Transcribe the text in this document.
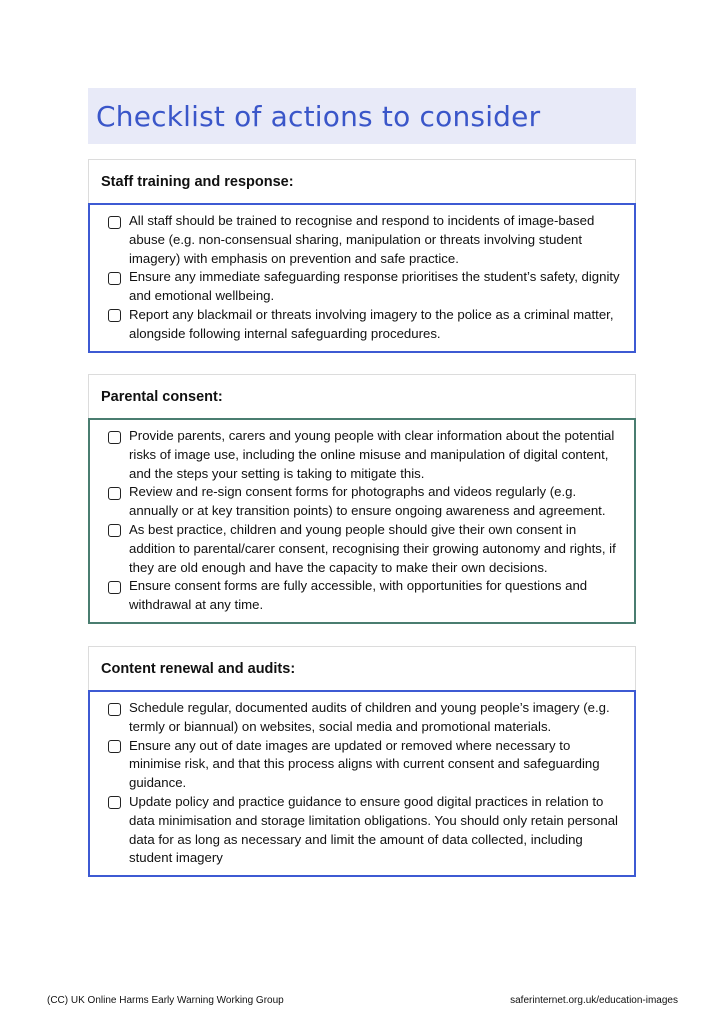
Checklist of actions to consider
Staff training and response:
All staff should be trained to recognise and respond to incidents of image-based abuse (e.g. non-consensual sharing, manipulation or threats involving student imagery) with emphasis on prevention and safe practice.
Ensure any immediate safeguarding response prioritises the student’s safety, dignity and emotional wellbeing.
Report any blackmail or threats involving imagery to the police as a criminal matter, alongside following internal safeguarding procedures.
Parental consent:
Provide parents, carers and young people with clear information about the potential risks of image use, including the online misuse and manipulation of digital content, and the steps your setting is taking to mitigate this.
Review and re-sign consent forms for photographs and videos regularly (e.g. annually or at key transition points) to ensure ongoing awareness and agreement.
As best practice, children and young people should give their own consent in addition to parental/carer consent, recognising their growing autonomy and rights, if they are old enough and have the capacity to make their own decisions.
Ensure consent forms are fully accessible, with opportunities for questions and withdrawal at any time.
Content renewal and audits:
Schedule regular, documented audits of children and young people’s imagery (e.g. termly or biannual) on websites, social media and promotional materials.
Ensure any out of date images are updated or removed where necessary to minimise risk, and that this process aligns with current consent and safeguarding guidance.
Update policy and practice guidance to ensure good digital practices in relation to data minimisation and storage limitation obligations. You should only retain personal data for as long as necessary and limit the amount of data collected, including student imagery
(CC) UK Online Harms Early Warning Working Group	saferinternet.org.uk/education-images
